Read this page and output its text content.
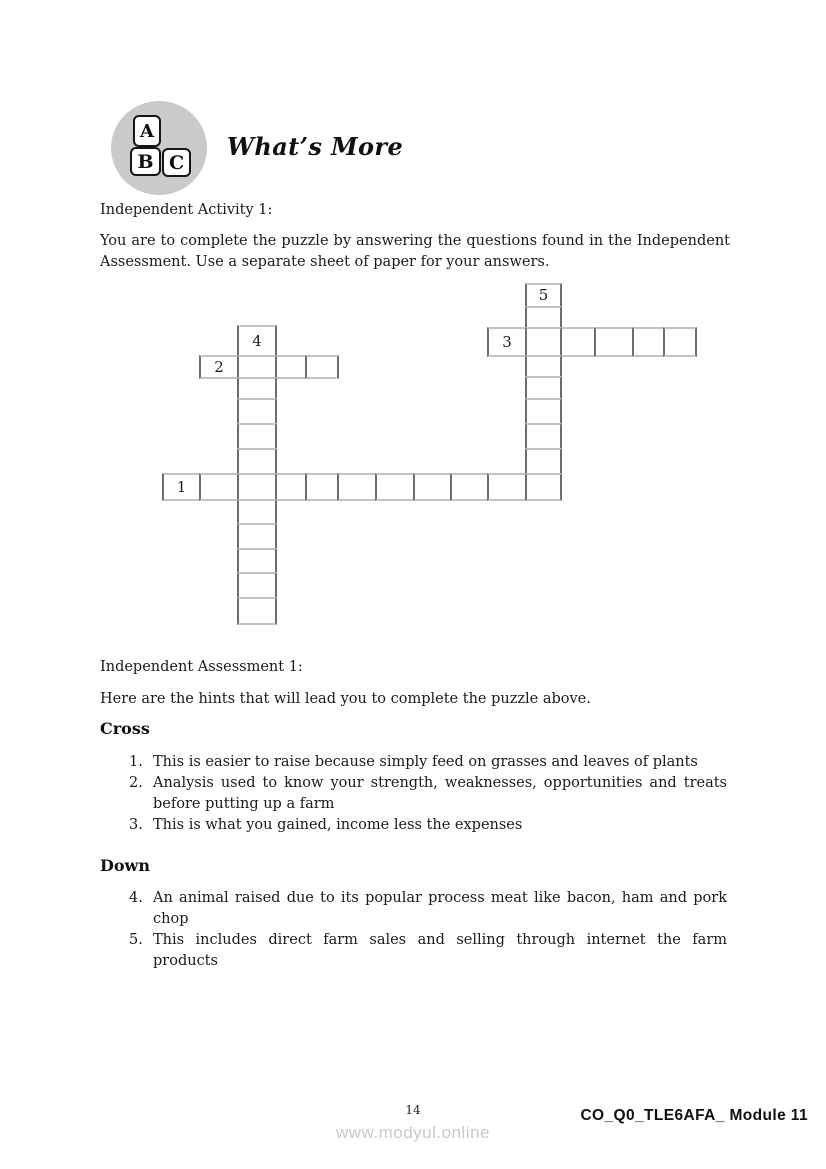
A
B C
What’s More
Independent Activity 1:
You are to complete the puzzle by answering the questions found in the Independent Assessment. Use a separate sheet of paper for your answers.
1
2
3
4
5
Independent Assessment 1:
Here are the hints that will lead you to complete the puzzle above.
Cross
1. This is easier to raise because simply feed on grasses and leaves of plants
2. Analysis used to know your strength, weaknesses, opportunities and treats before putting up a farm
3. This is what you gained, income less the expenses
Down
4. An animal raised due to its popular process meat like bacon, ham and pork chop
5. This includes direct farm sales and selling through internet the farm products
14	CO_Q0_TLE6AFA_ Module 11
www.modyul.online
